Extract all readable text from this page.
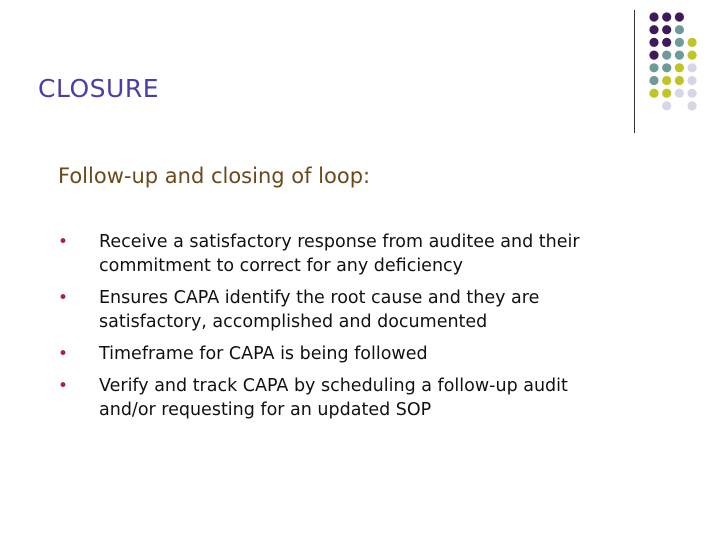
CLOSURE
Follow-up and closing of loop:
• Receive a satisfactory response from auditee and their
commitment to correct for any deficiency
• Ensures CAPA identify the root cause and they are
satisfactory, accomplished and documented
• Timeframe for CAPA is being followed
• Verify and track CAPA by scheduling a follow-up audit
and/or requesting for an updated SOP
